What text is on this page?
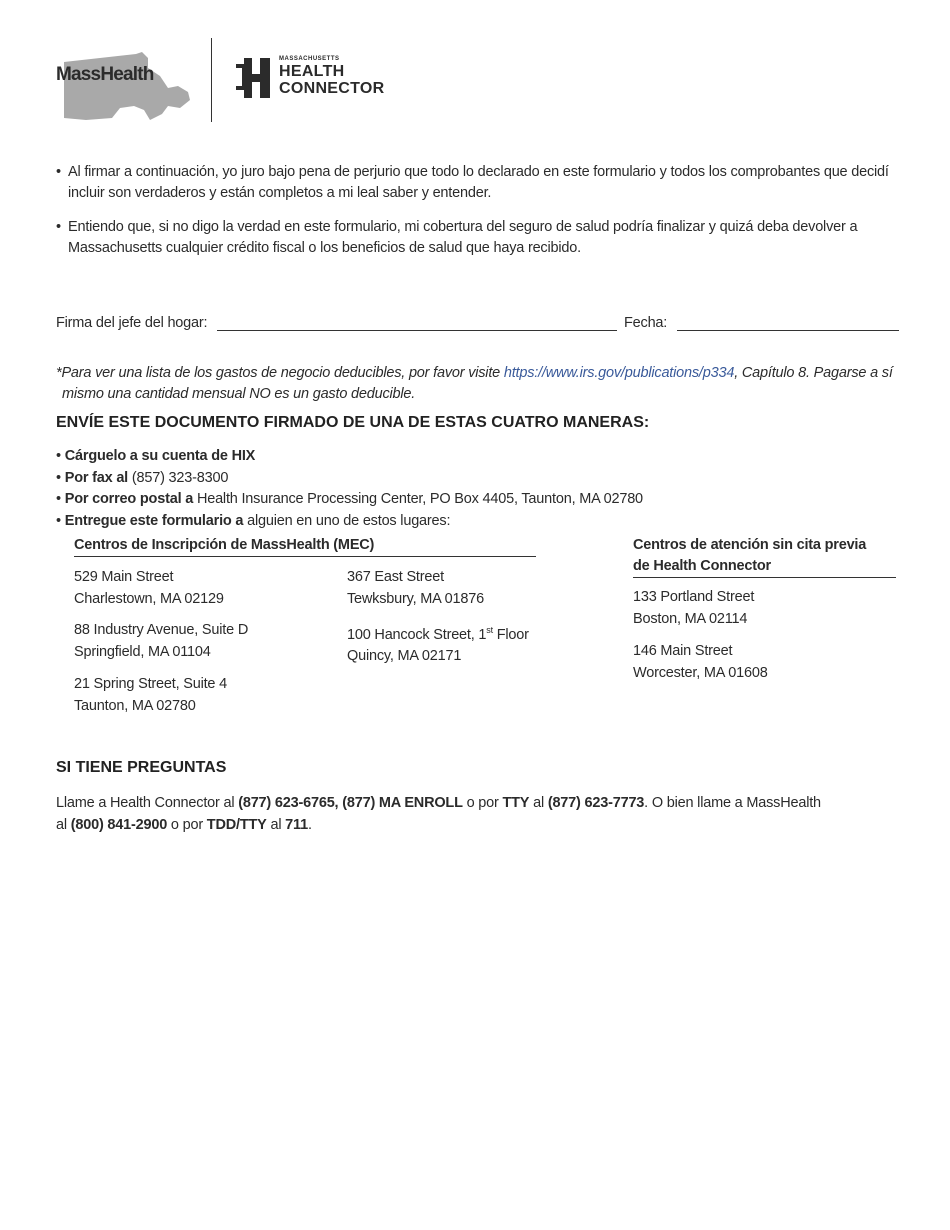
MassHealth
MASSACHUSETTS
HEALTH
CONNECTOR
• Al firmar a continuación, yo juro bajo pena de perjurio que todo lo declarado en este formulario y todos los comprobantes que decidí
incluir son verdaderos y están completos a mi leal saber y entender.
• Entiendo que, si no digo la verdad en este formulario, mi cobertura del seguro de salud podría finalizar y quizá deba devolver a
Massachusetts cualquier crédito fiscal o los beneficios de salud que haya recibido.
Firma del jefe del hogar:	Fecha:
*Para ver una lista de los gastos de negocio deducibles, por favor visite https://www.irs.gov/publications/p334, Capítulo 8. Pagarse a sí
mismo una cantidad mensual NO es un gasto deducible.
ENVÍE ESTE DOCUMENTO FIRMADO DE UNA DE ESTAS CUATRO MANERAS:
• Cárguelo a su cuenta de HIX
• Por fax al (857) 323-8300
• Por correo postal a Health Insurance Processing Center, PO Box 4405, Taunton, MA 02780
• Entregue este formulario a alguien en uno de estos lugares:
Centros de Inscripción de MassHealth (MEC)
529 Main Street
Charlestown, MA 02129
88 Industry Avenue, Suite D
Springfield, MA 01104
21 Spring Street, Suite 4
Taunton, MA 02780
367 East Street
Tewksbury, MA 01876
100 Hancock Street, 1st Floor
Quincy, MA 02171
Centros de atención sin cita previa
de Health Connector
133 Portland Street
Boston, MA 02114
146 Main Street
Worcester, MA 01608
SI TIENE PREGUNTAS
Llame a Health Connector al (877) 623-6765, (877) MA ENROLL o por TTY al (877) 623-7773. O bien llame a MassHealth
al (800) 841-2900 o por TDD/TTY al 711.
